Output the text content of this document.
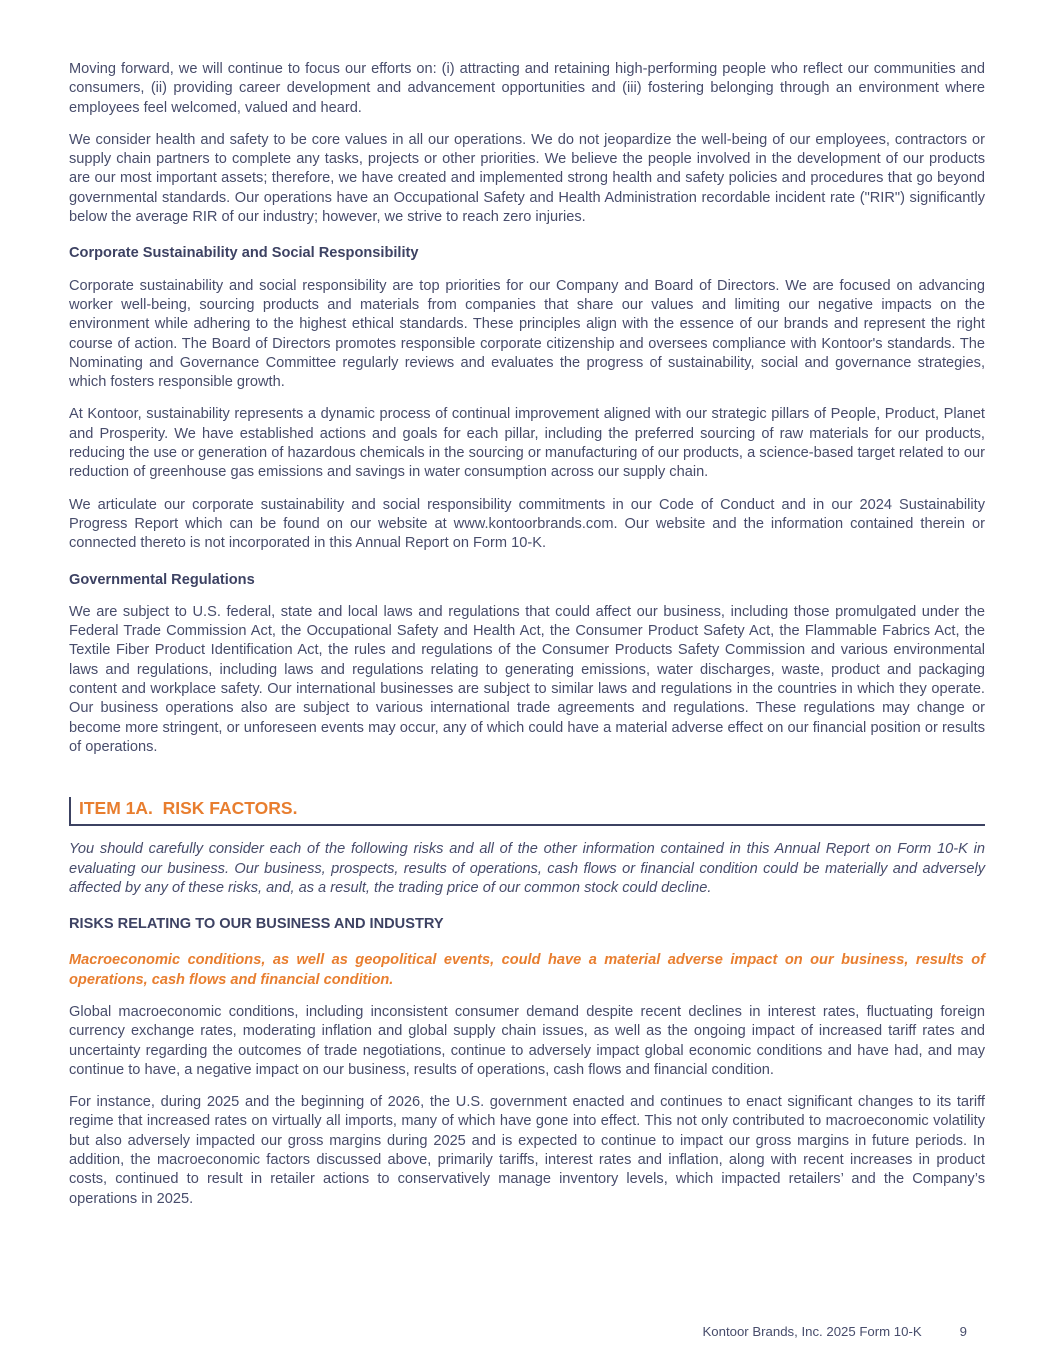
Moving forward, we will continue to focus our efforts on: (i) attracting and retaining high-performing people who reflect our communities and consumers, (ii) providing career development and advancement opportunities and (iii) fostering belonging through an environment where employees feel welcomed, valued and heard.

We consider health and safety to be core values in all our operations. We do not jeopardize the well-being of our employees, contractors or supply chain partners to complete any tasks, projects or other priorities. We believe the people involved in the development of our products are our most important assets; therefore, we have created and implemented strong health and safety policies and procedures that go beyond governmental standards. Our operations have an Occupational Safety and Health Administration recordable incident rate ("RIR") significantly below the average RIR of our industry; however, we strive to reach zero injuries.

Corporate Sustainability and Social Responsibility

Corporate sustainability and social responsibility are top priorities for our Company and Board of Directors. We are focused on advancing worker well-being, sourcing products and materials from companies that share our values and limiting our negative impacts on the environment while adhering to the highest ethical standards. These principles align with the essence of our brands and represent the right course of action. The Board of Directors promotes responsible corporate citizenship and oversees compliance with Kontoor's standards. The Nominating and Governance Committee regularly reviews and evaluates the progress of sustainability, social and governance strategies, which fosters responsible growth.

At Kontoor, sustainability represents a dynamic process of continual improvement aligned with our strategic pillars of People, Product, Planet and Prosperity. We have established actions and goals for each pillar, including the preferred sourcing of raw materials for our products, reducing the use or generation of hazardous chemicals in the sourcing or manufacturing of our products, a science-based target related to our reduction of greenhouse gas emissions and savings in water consumption across our supply chain.

We articulate our corporate sustainability and social responsibility commitments in our Code of Conduct and in our 2024 Sustainability Progress Report which can be found on our website at www.kontoorbrands.com. Our website and the information contained therein or connected thereto is not incorporated in this Annual Report on Form 10-K.

Governmental Regulations

We are subject to U.S. federal, state and local laws and regulations that could affect our business, including those promulgated under the Federal Trade Commission Act, the Occupational Safety and Health Act, the Consumer Product Safety Act, the Flammable Fabrics Act, the Textile Fiber Product Identification Act, the rules and regulations of the Consumer Products Safety Commission and various environmental laws and regulations, including laws and regulations relating to generating emissions, water discharges, waste, product and packaging content and workplace safety. Our international businesses are subject to similar laws and regulations in the countries in which they operate. Our business operations also are subject to various international trade agreements and regulations. These regulations may change or become more stringent, or unforeseen events may occur, any of which could have a material adverse effect on our financial position or results of operations.

ITEM 1A.  RISK FACTORS.

You should carefully consider each of the following risks and all of the other information contained in this Annual Report on Form 10-K in evaluating our business. Our business, prospects, results of operations, cash flows or financial condition could be materially and adversely affected by any of these risks, and, as a result, the trading price of our common stock could decline.

RISKS RELATING TO OUR BUSINESS AND INDUSTRY

Macroeconomic conditions, as well as geopolitical events, could have a material adverse impact on our business, results of operations, cash flows and financial condition.

Global macroeconomic conditions, including inconsistent consumer demand despite recent declines in interest rates, fluctuating foreign currency exchange rates, moderating inflation and global supply chain issues, as well as the ongoing impact of increased tariff rates and uncertainty regarding the outcomes of trade negotiations, continue to adversely impact global economic conditions and have had, and may continue to have, a negative impact on our business, results of operations, cash flows and financial condition.

For instance, during 2025 and the beginning of 2026, the U.S. government enacted and continues to enact significant changes to its tariff regime that increased rates on virtually all imports, many of which have gone into effect. This not only contributed to macroeconomic volatility but also adversely impacted our gross margins during 2025 and is expected to continue to impact our gross margins in future periods. In addition, the macroeconomic factors discussed above, primarily tariffs, interest rates and inflation, along with recent increases in product costs, continued to result in retailer actions to conservatively manage inventory levels, which impacted retailers’ and the Company’s operations in 2025.

Kontoor Brands, Inc. 2025 Form 10-K	9
